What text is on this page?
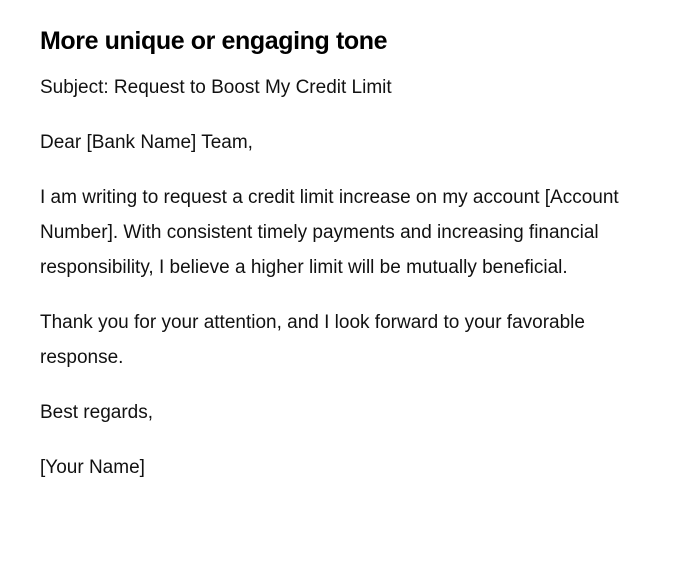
More unique or engaging tone

Subject: Request to Boost My Credit Limit

Dear [Bank Name] Team,

I am writing to request a credit limit increase on my account [Account Number]. With consistent timely payments and increasing financial responsibility, I believe a higher limit will be mutually beneficial.

Thank you for your attention, and I look forward to your favorable response.

Best regards,

[Your Name]
